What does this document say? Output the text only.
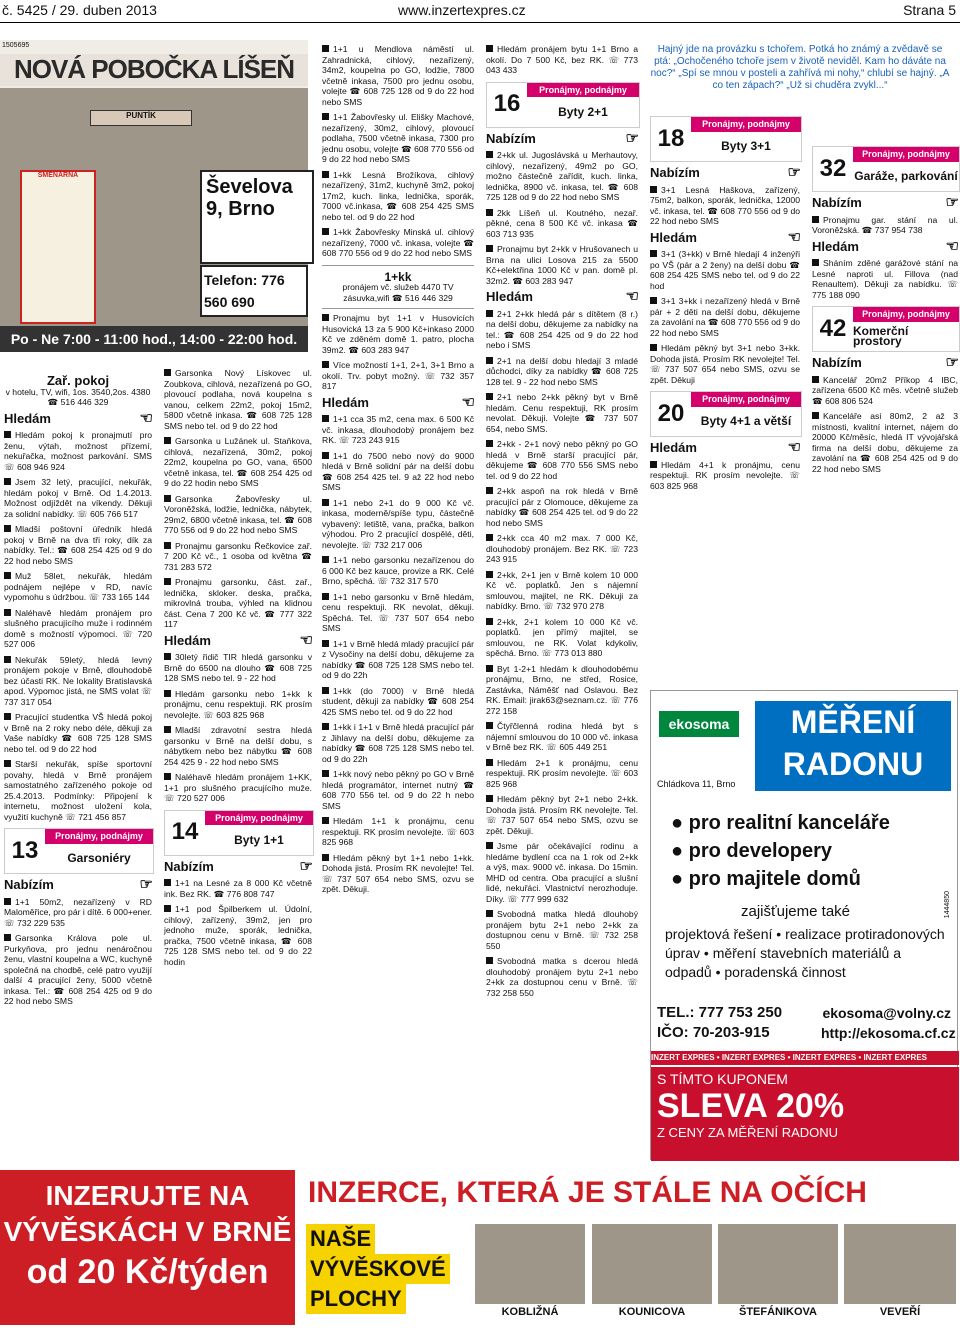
č. 5425 / 29. duben 2013	www.inzertexpres.cz	Strana 5
1505695
NOVÁ POBOČKA LÍŠEŇ
PUNTÍK
SMĚNÁRNA
Ševelova 9, Brno
Telefon: 776 560 690
Po - Ne 7:00 - 11:00 hod., 14:00 - 22:00 hod.
Zař. pokoj

v hotelu, TV, wifi, 1os. 3540,2os. 4380 ☎ 516 446 329

Hledám	☜

Hledám pokoj k pronajmutí pro ženu, výtah, možnost přízemí, nekuřačka, možnost parkování. SMS ☏ 608 946 924

Jsem 32 letý, pracující, nekuřák, hledám pokoj v Brně. Od 1.4.2013. Možnost odjíždět na víkendy. Děkuji za solidní nabídky. ☏ 605 766 517

Mladší poštovní úředník hledá pokoj v Brně na dva tři roky, dík za nabídky. Tel.: ☎ 608 254 425 od 9 do 22 hod nebo SMS

Muž 58let, nekuřák, hledám podnájem nejlépe v RD, navíc vypomohu s údržbou. ☏ 733 165 144

Naléhavě hledám pronájem pro slušného pracujícího muže i rodinném domě s možností výpomoci. ☏ 720 527 006

Nekuřák 59letý, hledá levný pronájem pokoje v Brně, dlouhodobě bez účasti RK. Ne lokality Bratislavská apod. Výpomoc jistá, ne SMS volat ☏ 737 317 054

Pracující studentka VŠ hledá pokoj v Brně na 2 roky nebo déle, děkuji za Vaše nabídky ☎ 608 725 128 SMS nebo tel. od 9 do 22 hod

Starší nekuřák, spíše sportovní povahy, hledá v Brně pronájem samostatného zařízeného pokoje od 25.4.2013. Podmínky: Připojení k internetu, možnost uložení kola, využití kuchyně ☏ 721 456 857

13
Pronájmy, podnájmy
Garsoniéry
Nabízím	☞

1+1 50m2, nezařízený v RD Maloměřice, pro pár i dítě. 6 000+ener. ☏ 732 229 535

Garsonka Králova pole ul. Purkyňova, pro jednu nenáročnou ženu, vlastní koupelna a WC, kuchyně společná na chodbě, celé patro využijí další 4 pracující ženy, 5000 včetně inkasa. Tel.: ☎ 608 254 425 od 9 do 22 hod nebo SMS

Garsonka Nový Lískovec ul. Zoubkova, cihlová, nezařízená po GO, plovoucí podlaha, nová koupelna s vanou, celkem 22m2, pokoj 15m2, 5800 včetně inkasa. ☎ 608 725 128 SMS nebo tel. od 9 do 22 hod

Garsonka u Lužánek ul. Staňkova, cihlová, nezařízená, 30m2, pokoj 22m2, koupelna po GO, vana, 6500 včetně inkasa, tel. ☎ 608 254 425 od 9 do 22 hodin nebo SMS

Garsonka Žabovřesky ul. Voroněžská, lodžie, lednička, nábytek, 29m2, 6800 včetně inkasa, tel. ☎ 608 770 556 od 9 do 22 hod nebo SMS

Pronajmu garsonku Řečkovice zař. 7 200 Kč vč., 1 osoba od května ☎ 731 283 572

Pronajmu garsonku, část. zař., lednička, skloker. deska, pračka, mikrovlná trouba, výhled na klidnou část. Cena 7 200 Kč vč. ☎ 777 322 117

Hledám	☜

30letý řidič TIR hledá garsonku v Brně do 6500 na dlouho ☎ 608 725 128 SMS nebo tel. 9 - 22 hod

Hledám garsonku nebo 1+kk k pronájmu, cenu respektuji. RK prosím nevolejte. ☏ 603 825 968

Mladší zdravotní sestra hledá garsonku v Brně na delší dobu, s nábytkem nebo bez nábytku ☎ 608 254 425 9 - 22 hod nebo SMS

Naléhavě hledám pronájem 1+KK, 1+1 pro slušného pracujícího muže. ☏ 720 527 006

14
Pronájmy, podnájmy
Byty 1+1
Nabízím	☞

1+1 na Lesné za 8 000 Kč včetně ink. Bez RK. ☎ 776 808 747

1+1 pod Špilberkem ul. Údolní, cihlový, zařízený, 39m2, jen pro jednoho muže, sporák, lednička, pračka, 7500 včetně inkasa, ☎ 608 725 128 SMS nebo tel. od 9 do 22 hodin

1+1 u Mendlova náměstí ul. Zahradnická, cihlový, nezařízený, 34m2, koupelna po GO, lodžie, 7800 včetně inkasa, 7500 pro jednu osobu, volejte ☎ 608 725 128 od 9 do 22 hod nebo SMS

1+1 Žabovřesky ul. Elišky Machové, nezařízený, 30m2, cihlový, plovoucí podlaha, 7500 včetně inkasa, 7300 pro jednu osobu, volejte ☎ 608 770 556 od 9 do 22 hod nebo SMS

1+kk Lesná Brožíkova, cihlový nezařízený, 31m2, kuchyně 3m2, pokoj 17m2, kuch. linka, lednička, sporák, 7000 vč.inkasa, ☎ 608 254 425 SMS nebo tel. od 9 do 22 hod

1+kk Žabovřesky Minská ul. cihlový nezařízený, 7000 vč. inkasa, volejte ☎ 608 770 556 od 9 do 22 hod nebo SMS

1+kk

pronájem vč. služeb 4470 TV zásuvka,wifi ☎ 516 446 329

Pronajmu byt 1+1 v Husovicích Husovická 13 za 5 900 Kč+inkaso 2000 Kč ve zděném domě 1. patro, plocha 39m2. ☎ 603 283 947

Více možností 1+1, 2+1, 3+1 Brno a okolí. Trv. pobyt možný. ☏ 732 357 817

Hledám	☜

1+1 cca 35 m2, cena max. 6 500 Kč vč. inkasa, dlouhodobý pronájem bez RK. ☏ 723 243 915

1+1 do 7500 nebo nový do 9000 hledá v Brně solidní pár na delší dobu ☎ 608 254 425 tel. 9 až 22 hod nebo SMS

1+1 nebo 2+1 do 9 000 Kč vč. inkasa, moderně/spíše typu, částečně vybavený: letiště, vana, pračka, balkon výhodou. Pro 2 pracující dospělé, děti, nevolejte. ☏ 732 217 006

1+1 nebo garsonku nezařízenou do 6 000 Kč bez kauce, provize a RK. Celé Brno, spěchá. ☏ 732 317 570

1+1 nebo garsonku v Brně hledám, cenu respektuji. RK nevolat, děkuji. Spěchá. Tel. ☏ 737 507 654 nebo SMS

1+1 v Brně hledá mladý pracující pár z Vysočiny na delší dobu, děkujeme za nabídky ☎ 608 725 128 SMS nebo tel. od 9 do 22h

1+kk (do 7000) v Brně hledá student, děkuji za nabídky ☎ 608 254 425 SMS nebo tel. od 9 do 22 hod

1+kk i 1+1 v Brně hledá pracující pár z Jihlavy na delší dobu, děkujeme za nabídky ☎ 608 725 128 SMS nebo tel. od 9 do 22h

1+kk nový nebo pěkný po GO v Brně hledá programátor, internet nutný ☎ 608 770 556 tel. od 9 do 22 h nebo SMS

Hledám 1+1 k pronájmu, cenu respektuji. RK prosím nevolejte. ☏ 603 825 968

Hledám pěkný byt 1+1 nebo 1+kk. Dohoda jistá. Prosím RK nevolejte! Tel. ☏ 737 507 654 nebo SMS, ozvu se zpět. Děkuji.

Hledám pronájem bytu 1+1 Brno a okolí. Do 7 500 Kč, bez RK. ☏ 773 043 433

16
Pronájmy, podnájmy
Byty 2+1
Nabízím	☞

2+kk ul. Jugoslávská u Merhautovy, cihlový, nezařízený, 49m2 po GO, možno částečně zařídit, kuch. linka, lednička, 8900 vč. inkasa, tel. ☎ 608 725 128 od 9 do 22 hod nebo SMS

2kk Líšeň ul. Koutného, nezař. pěkné, cena 8 500 Kč vč. inkasa ☎ 603 713 935

Pronajmu byt 2+kk v Hrušovanech u Brna na ulici Losova 215 za 5500 Kč+elektřina 1000 Kč v pan. domě pl. 32m2. ☎ 603 283 947

Hledám	☜

2+1 2+kk hledá pár s dítětem (8 r.) na delší dobu, děkujeme za nabídky na tel.: ☎ 608 254 425 od 9 do 22 hod nebo i SMS

2+1 na delší dobu hledají 3 mladé důchodci, díky za nabídky ☎ 608 725 128 tel. 9 - 22 hod nebo SMS

2+1 nebo 2+kk pěkný byt v Brně hledám. Cenu respektuji, RK prosím nevolat. Děkuji. Volejte ☎ 737 507 654, nebo SMS.

2+kk - 2+1 nový nebo pěkný po GO hledá v Brně starší pracující pár, děkujeme ☎ 608 770 556 SMS nebo tel. od 9 do 22 hod

2+kk aspoň na rok hledá v Brně pracující pár z Olomouce, děkujeme za nabídky ☎ 608 254 425 tel. od 9 do 22 hod nebo SMS

2+kk cca 40 m2 max. 7 000 Kč, dlouhodobý pronájem. Bez RK. ☏ 723 243 915

2+kk, 2+1 jen v Brně kolem 10 000 Kč vč. poplatků. Jen s nájemní smlouvou, majitel, ne RK. Děkuji za nabídky. Brno. ☏ 732 970 278

2+kk, 2+1 kolem 10 000 Kč vč. poplatků. jen přímý majitel, se smlouvou, ne RK. Volat kdykoliv, spěchá. Brno. ☏ 773 013 880

Byt 1-2+1 hledám k dlouhodobému pronájmu, Brno, ne střed, Rosice, Zastávka, Náměšť nad Oslavou. Bez RK. Email: jirak63@seznam.cz. ☏ 776 272 158

Čtyřčlenná rodina hledá byt s nájemní smlouvou do 10 000 vč. inkasa v Brně bez RK. ☏ 605 449 251

Hledám 2+1 k pronájmu, cenu respektuji. RK prosím nevolejte. ☏ 603 825 968

Hledám pěkný byt 2+1 nebo 2+kk. Dohoda jistá. Prosím RK nevolejte. Tel. ☏ 737 507 654 nebo SMS, ozvu se zpět. Děkuji.

Jsme pár očekávající rodinu a hledáme bydlení cca na 1 rok od 2+kk a výš, max. 9000 vč. inkasa. Do 15min. MHD od centra. Oba pracující a slušní lidé, nekuřáci. Vlastnictví nerozhoduje. Díky. ☏ 777 999 632

Svobodná matka hledá dlouhobý pronájem bytu 2+1 nebo 2+kk za dostupnou cenu v Brně. ☏ 732 258 550

Svobodná matka s dcerou hledá dlouhodobý pronájem bytu 2+1 nebo 2+kk za dostupnou cenu v Brně. ☏ 732 258 550

Hajný jde na provázku s tchořem. Potká ho známý a zvědavě se ptá: „Ochočeného tchoře jsem v životě neviděl. Kam ho dáváte na noc?“ „Spí se mnou v posteli a zahřívá mi nohy,“ chlubí se hajný. „A co ten zápach?“ „Už si chuděra zvykl...“
18
Pronájmy, podnájmy
Byty 3+1
Nabízím	☞

3+1 Lesná Haškova, zařízený, 75m2, balkon, sporák, lednička, 12000 vč. inkasa, tel. ☎ 608 770 556 od 9 do 22 hod nebo SMS

Hledám	☜

3+1 (3+kk) v Brně hledají 4 inženýři po VŠ (pár a 2 ženy) na delší dobu ☎ 608 254 425 SMS nebo tel. od 9 do 22 hod

3+1 3+kk i nezařízený hledá v Brně pár + 2 děti na delší dobu, děkujeme za zavolání na ☎ 608 770 556 od 9 do 22 hod nebo SMS

Hledám pěkný byt 3+1 nebo 3+kk. Dohoda jistá. Prosím RK nevolejte! Tel. ☏ 737 507 654 nebo SMS, ozvu se zpět. Děkuji

20
Pronájmy, podnájmy
Byty 4+1 a větší
Hledám	☜

Hledám 4+1 k pronájmu, cenu respektuji. RK prosím nevolejte. ☏ 603 825 968

32
Pronájmy, podnájmy
Garáže, parkování
Nabízím	☞

Pronajmu gar. stání na ul. Voroněžská. ☎ 737 954 738

Hledám	☜

Sháním zděné garážové stání na Lesné naproti ul. Fillova (nad Renaultem). Děkuji za nabídku. ☏ 775 188 090

42
Pronájmy, podnájmy
Komerční prostory
Nabízím	☞

Kancelář 20m2 Příkop 4 IBC, zařízena 6500 Kč měs. včetně služeb ☎ 608 806 524

Kanceláře asi 80m2, 2 až 3 místnosti, kvalitní internet, nájem do 20000 Kč/měsíc, hledá IT vývojářská firma na delší dobu, děkujeme za zavolání na ☎ 608 254 425 od 9 do 22 hod nebo SMS

ekosoma
Chládkova 11, Brno
MĚŘENÍ
RADONU
● pro realitní kanceláře
● pro developery
● pro majitele domů
zajišťujeme také
projektová řešení • realizace protiradonových úprav • měření stavebních materiálů a odpadů • poradenská činnost
TEL.: 777 753 250
IČO: 70-203-915
ekosoma@volny.cz
http://ekosoma.cf.cz
INZERT EXPRES • INZERT EXPRES • INZERT EXPRES • INZERT EXPRES
S TÍMTO KUPONEM
SLEVA 20%
Z CENY ZA MĚŘENÍ RADONU
1444850
INZERUJTE NA
VÝVĚSKÁCH V BRNĚ
od 20 Kč/týden
INZERCE, KTERÁ JE STÁLE NA OČÍCH
NAŠE
VÝVĚSKOVÉ
PLOCHY
KOBLIŽNÁ	KOUNICOVA	ŠTEFÁNIKOVA	VEVEŘÍ
